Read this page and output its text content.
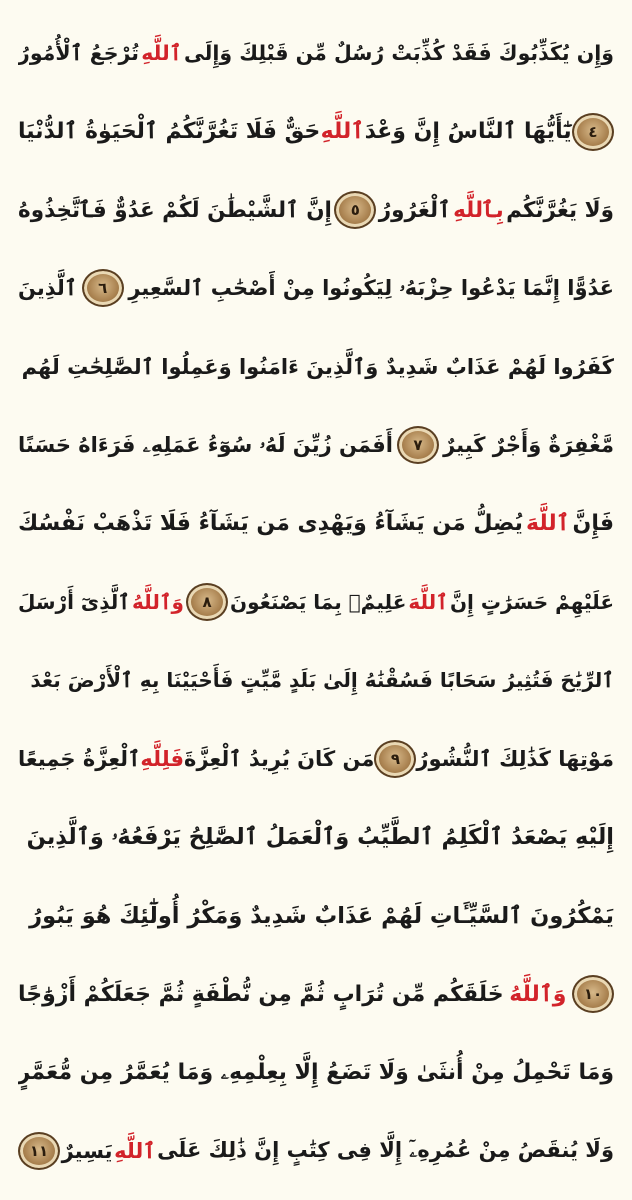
وَإِن يُكَذِّبُوكَ فَقَدْ كُذِّبَتْ رُسُلٌ مِّن قَبْلِكَ وَإِلَى
ٱللَّهِ
تُرْجَعُ ٱلْأُمُورُ
٤
يَٰٓأَيُّهَا ٱلنَّاسُ إِنَّ وَعْدَ
ٱللَّهِ
حَقٌّ فَلَا تَغُرَّنَّكُمُ ٱلْحَيَوٰةُ ٱلدُّنْيَا
وَلَا يَغُرَّنَّكُم
بِٱللَّهِ
ٱلْغَرُورُ
٥
إِنَّ ٱلشَّيْطَٰنَ لَكُمْ عَدُوٌّ فَٱتَّخِذُوهُ
عَدُوًّا إِنَّمَا يَدْعُوا حِزْبَهُۥ لِيَكُونُوا مِنْ أَصْحَٰبِ ٱلسَّعِيرِ
٦
ٱلَّذِينَ
كَفَرُوا لَهُمْ عَذَابٌ شَدِيدٌ وَٱلَّذِينَ ءَامَنُوا وَعَمِلُوا ٱلصَّٰلِحَٰتِ لَهُم
مَّغْفِرَةٌ وَأَجْرٌ كَبِيرٌ
٧
أَفَمَن زُيِّنَ لَهُۥ سُوٓءُ عَمَلِهِۦ فَرَءَاهُ حَسَنًا
فَإِنَّ
ٱللَّهَ
يُضِلُّ مَن يَشَآءُ وَيَهْدِى مَن يَشَآءُ فَلَا تَذْهَبْ نَفْسُكَ
عَلَيْهِمْ حَسَرَٰتٍ إِنَّ
ٱللَّهَ
عَلِيمٌۢ بِمَا يَصْنَعُونَ
٨
وَٱللَّهُ
ٱلَّذِىٓ أَرْسَلَ
ٱلرِّيَٰحَ فَتُثِيرُ سَحَابًا فَسُقْنَٰهُ إِلَىٰ بَلَدٍ مَّيِّتٍ فَأَحْيَيْنَا بِهِ ٱلْأَرْضَ بَعْدَ
مَوْتِهَا كَذَٰلِكَ ٱلنُّشُورُ
٩
مَن كَانَ يُرِيدُ ٱلْعِزَّةَ
فَلِلَّهِ
ٱلْعِزَّةُ جَمِيعًا
إِلَيْهِ يَصْعَدُ ٱلْكَلِمُ ٱلطَّيِّبُ وَٱلْعَمَلُ ٱلصَّٰلِحُ يَرْفَعُهُۥ وَٱلَّذِينَ
يَمْكُرُونَ ٱلسَّيِّـَٔاتِ لَهُمْ عَذَابٌ شَدِيدٌ وَمَكْرُ أُولَٰٓئِكَ هُوَ يَبُورُ
١٠
وَٱللَّهُ
خَلَقَكُم مِّن تُرَابٍ ثُمَّ مِن نُّطْفَةٍ ثُمَّ جَعَلَكُمْ أَزْوَٰجًا
وَمَا تَحْمِلُ مِنْ أُنثَىٰ وَلَا تَضَعُ إِلَّا بِعِلْمِهِۦ وَمَا يُعَمَّرُ مِن مُّعَمَّرٍ
وَلَا يُنقَصُ مِنْ عُمُرِهِۦٓ إِلَّا فِى كِتَٰبٍ إِنَّ ذَٰلِكَ عَلَى
ٱللَّهِ
يَسِيرٌ
١١
